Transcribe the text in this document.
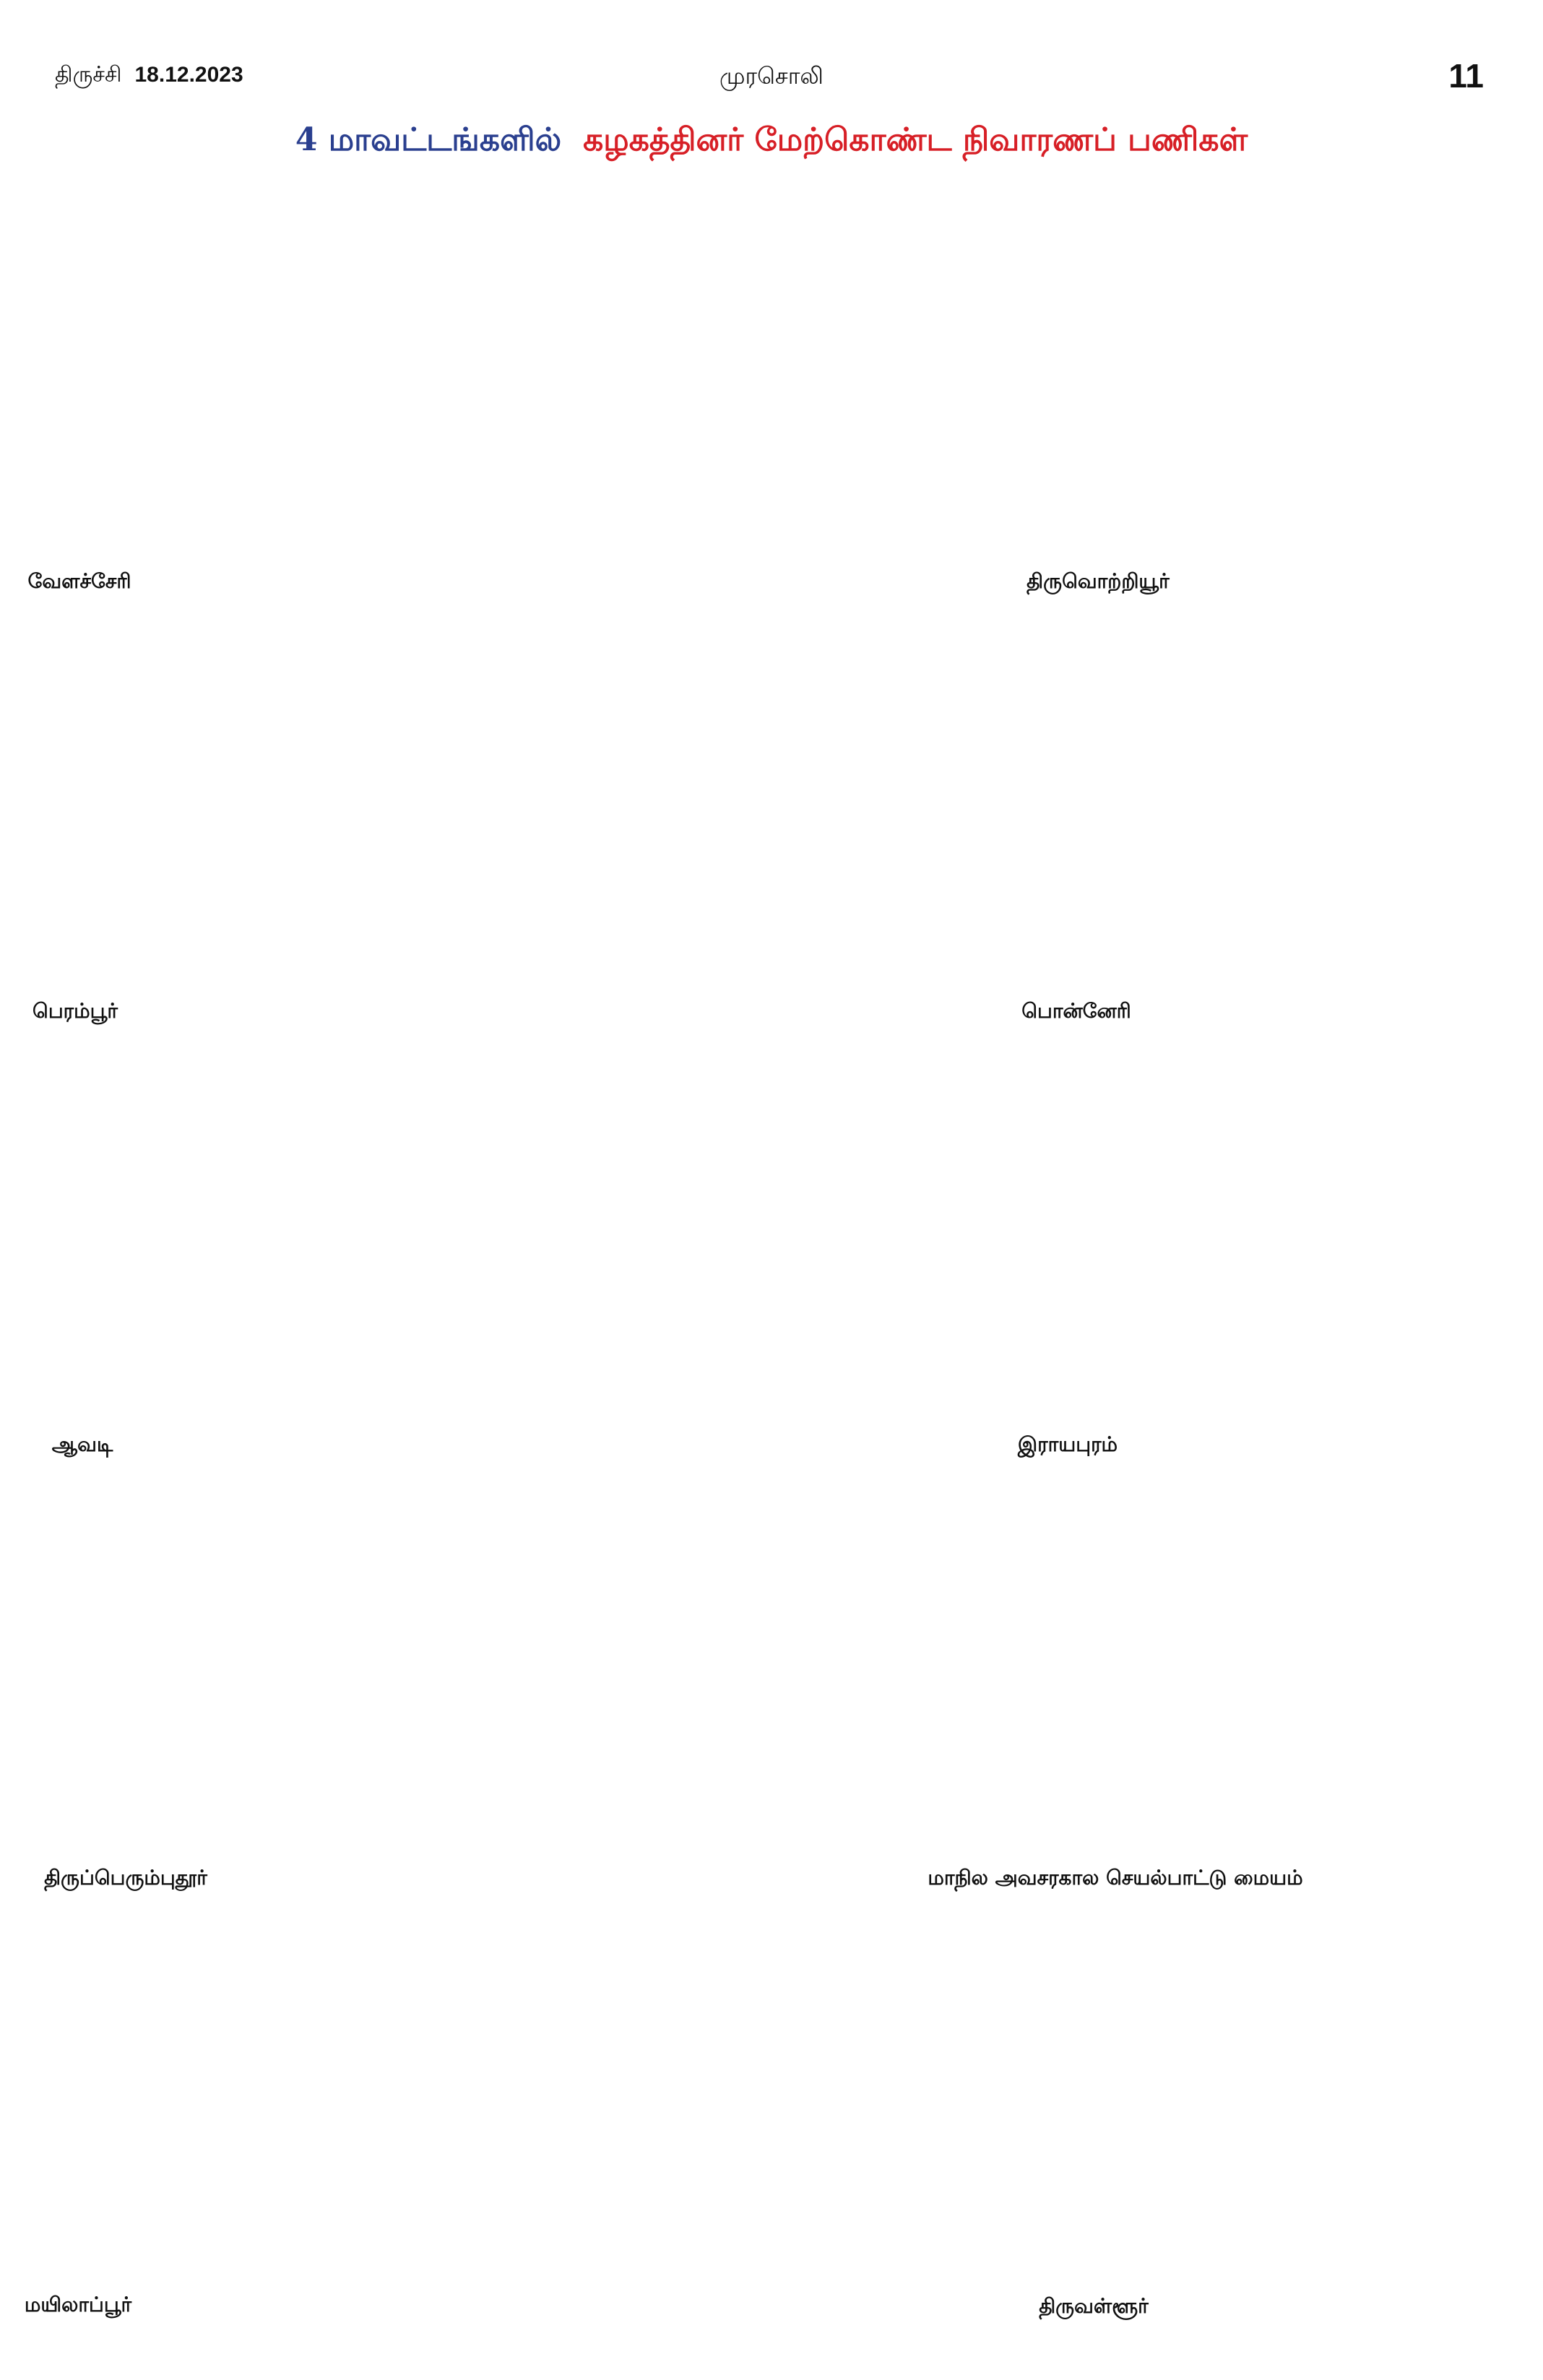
திருச்சி 18.12.2023	முரசொலி	11
4 மாவட்டங்களில் கழகத்தினர் மேற்கொண்ட நிவாரணப் பணிகள்
வேளச்சேரி	திருவொற்றியூர்
பெரம்பூர்	பொன்னேரி
ஆவடி	இராயபுரம்
திருப்பெரும்புதூர்	மாநில அவசரகால செயல்பாட்டு மையம்
மயிலாப்பூர்	திருவள்ளூர்
